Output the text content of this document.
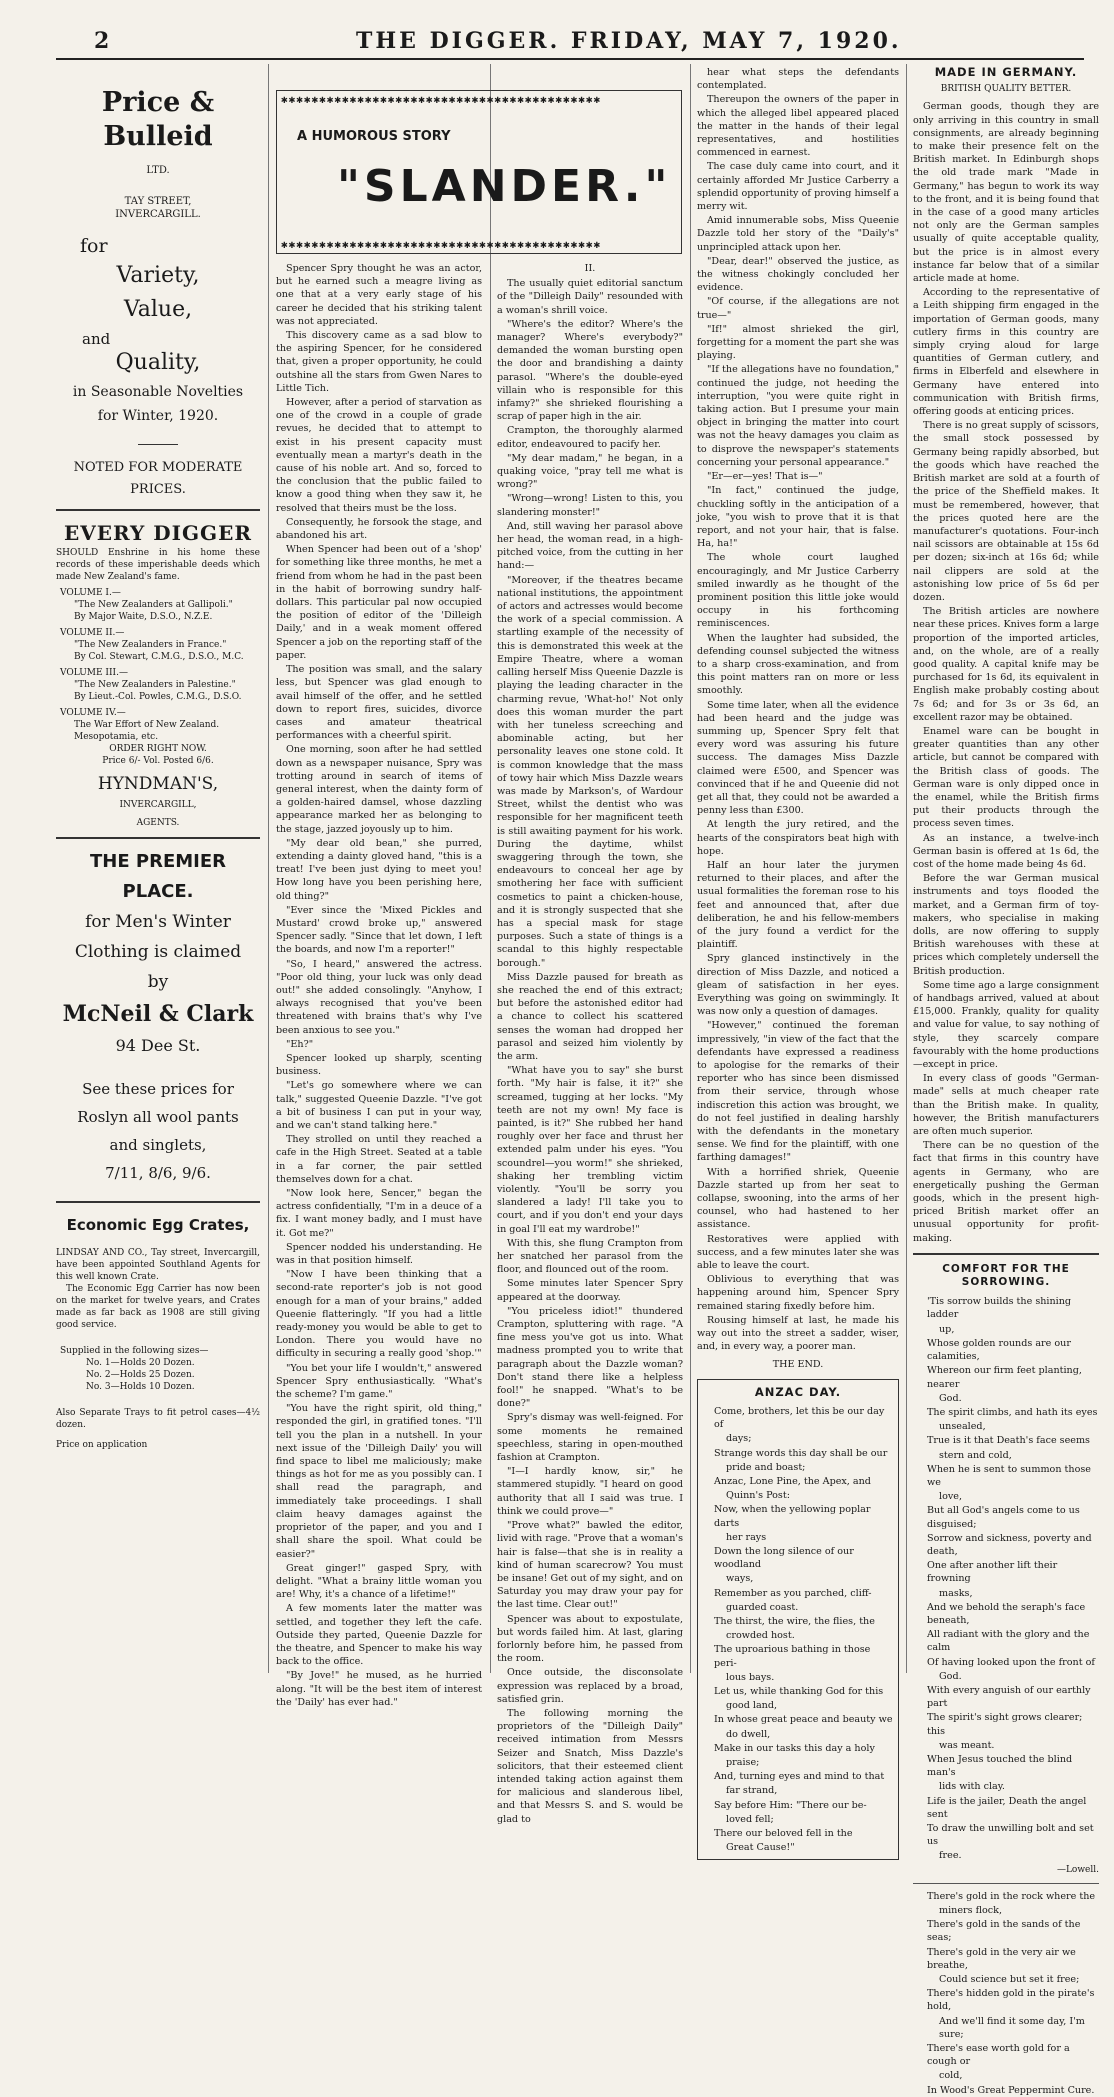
2	THE DIGGER. FRIDAY, MAY 7, 1920.
Price & Bulleid
LTD.
TAY STREET,
INVERCARGILL.
for
Variety,
Value,
and
Quality,
in Seasonable Novelties
for Winter, 1920.
NOTED FOR MODERATE PRICES.
EVERY DIGGER
SHOULD Enshrine in his home these records of these imperishable deeds which made New Zealand's fame.
VOLUME I.—
"The New Zealanders at Gallipoli."
By Major Waite, D.S.O., N.Z.E.
VOLUME II.—
"The New Zealanders in France."
By Col. Stewart, C.M.G., D.S.O., M.C.
VOLUME III.—
"The New Zealanders in Palestine."
By Lieut.-Col. Powles, C.M.G., D.S.O.
VOLUME IV.—
The War Effort of New Zealand.
Mesopotamia, etc.
ORDER RIGHT NOW.
Price 6/- Vol. Posted 6/6.
HYNDMAN'S,
INVERCARGILL,
AGENTS.
THE PREMIER PLACE.
for Men's Winter
Clothing is claimed
by
McNeil & Clark
94 Dee St.
See these prices for
Roslyn all wool pants
and singlets,
7/11, 8/6, 9/6.
Economic Egg Crates,
LINDSAY AND CO., Tay street, Invercargill, have been appointed Southland Agents for this well known Crate.
The Economic Egg Carrier has now been on the market for twelve years, and Crates made as far back as 1908 are still giving good service.
Supplied in the following sizes—
No. 1—Holds 20 Dozen.
No. 2—Holds 25 Dozen.
No. 3—Holds 10 Dozen.
Also Separate Trays to fit petrol cases—4½ dozen.
Price on application
✱✱✱✱✱✱✱✱✱✱✱✱✱✱✱✱✱✱✱✱✱✱✱✱✱✱✱✱✱✱✱✱✱✱✱✱✱✱✱✱✱✱
✱✱✱✱✱✱✱✱✱✱✱✱✱✱✱✱✱✱✱✱✱✱✱✱✱✱✱✱✱✱✱✱✱✱✱✱✱✱✱✱✱✱
A HUMOROUS STORY
"SLANDER."

Spencer Spry thought he was an actor, but he earned such a meagre living as one that at a very early stage of his career he decided that his striking talent was not appreciated.

This discovery came as a sad blow to the aspiring Spencer, for he considered that, given a proper opportunity, he could outshine all the stars from Gwen Nares to Little Tich.

However, after a period of starvation as one of the crowd in a couple of grade revues, he decided that to attempt to exist in his present capacity must eventually mean a martyr's death in the cause of his noble art. And so, forced to the conclusion that the public failed to know a good thing when they saw it, he resolved that theirs must be the loss.

Consequently, he forsook the stage, and abandoned his art.

When Spencer had been out of a 'shop' for something like three months, he met a friend from whom he had in the past been in the habit of borrowing sundry half-dollars. This particular pal now occupied the position of editor of the 'Dilleigh Daily,' and in a weak moment offered Spencer a job on the reporting staff of the paper.

The position was small, and the salary less, but Spencer was glad enough to avail himself of the offer, and he settled down to report fires, suicides, divorce cases and amateur theatrical performances with a cheerful spirit.

One morning, soon after he had settled down as a newspaper nuisance, Spry was trotting around in search of items of general interest, when the dainty form of a golden-haired damsel, whose dazzling appearance marked her as belonging to the stage, jazzed joyously up to him.

"My dear old bean," she purred, extending a dainty gloved hand, "this is a treat! I've been just dying to meet you! How long have you been perishing here, old thing?"

"Ever since the 'Mixed Pickles and Mustard' crowd broke up," answered Spencer sadly. "Since that let down, I left the boards, and now I'm a reporter!"

"So, I heard," answered the actress. "Poor old thing, your luck was only dead out!" she added consolingly. "Anyhow, I always recognised that you've been threatened with brains that's why I've been anxious to see you."

"Eh?"

Spencer looked up sharply, scenting business.

"Let's go somewhere where we can talk," suggested Queenie Dazzle. "I've got a bit of business I can put in your way, and we can't stand talking here."

They strolled on until they reached a cafe in the High Street. Seated at a table in a far corner, the pair settled themselves down for a chat.

"Now look here, Sencer," began the actress confidentially, "I'm in a deuce of a fix. I want money badly, and I must have it. Got me?"

Spencer nodded his understanding. He was in that position himself.

"Now I have been thinking that a second-rate reporter's job is not good enough for a man of your brains," added Queenie flatteringly. "If you had a little ready-money you would be able to get to London. There you would have no difficulty in securing a really good 'shop.'"

"You bet your life I wouldn't," answered Spencer Spry enthusiastically. "What's the scheme? I'm game."

"You have the right spirit, old thing," responded the girl, in gratified tones. "I'll tell you the plan in a nutshell. In your next issue of the 'Dilleigh Daily' you will find space to libel me maliciously; make things as hot for me as you possibly can. I shall read the paragraph, and immediately take proceedings. I shall claim heavy damages against the proprietor of the paper, and you and I shall share the spoil. What could be easier?"

Great ginger!" gasped Spry, with delight. "What a brainy little woman you are! Why, it's a chance of a lifetime!"

A few moments later the matter was settled, and together they left the cafe. Outside they parted, Queenie Dazzle for the theatre, and Spencer to make his way back to the office.

"By Jove!" he mused, as he hurried along. "It will be the best item of interest the 'Daily' has ever had."

II.

The usually quiet editorial sanctum of the "Dilleigh Daily" resounded with a woman's shrill voice.

"Where's the editor? Where's the manager? Where's everybody?" demanded the woman bursting open the door and brandishing a dainty parasol. "Where's the double-eyed villain who is responsible for this infamy?" she shrieked flourishing a scrap of paper high in the air.

Crampton, the thoroughly alarmed editor, endeavoured to pacify her.

"My dear madam," he began, in a quaking voice, "pray tell me what is wrong?"

"Wrong—wrong! Listen to this, you slandering monster!"

And, still waving her parasol above her head, the woman read, in a high-pitched voice, from the cutting in her hand:—

"Moreover, if the theatres became national institutions, the appointment of actors and actresses would become the work of a special commission. A startling example of the necessity of this is demonstrated this week at the Empire Theatre, where a woman calling herself Miss Queenie Dazzle is playing the leading character in the charming revue, 'What-ho!' Not only does this woman murder the part with her tuneless screeching and abominable acting, but her personality leaves one stone cold. It is common knowledge that the mass of towy hair which Miss Dazzle wears was made by Markson's, of Wardour Street, whilst the dentist who was responsible for her magnificent teeth is still awaiting payment for his work. During the daytime, whilst swaggering through the town, she endeavours to conceal her age by smothering her face with sufficient cosmetics to paint a chicken-house, and it is strongly suspected that she has a special mask for stage purposes. Such a state of things is a scandal to this highly respectable borough."

Miss Dazzle paused for breath as she reached the end of this extract; but before the astonished editor had a chance to collect his scattered senses the woman had dropped her parasol and seized him violently by the arm.

"What have you to say" she burst forth. "My hair is false, it it?" she screamed, tugging at her locks. "My teeth are not my own! My face is painted, is it?" She rubbed her hand roughly over her face and thrust her extended palm under his eyes. "You scoundrel—you worm!" she shrieked, shaking her trembling victim violently. "You'll be sorry you slandered a lady! I'll take you to court, and if you don't end your days in goal I'll eat my wardrobe!"

With this, she flung Crampton from her snatched her parasol from the floor, and flounced out of the room.

Some minutes later Spencer Spry appeared at the doorway.

"You priceless idiot!" thundered Crampton, spluttering with rage. "A fine mess you've got us into. What madness prompted you to write that paragraph about the Dazzle woman? Don't stand there like a helpless fool!" he snapped. "What's to be done?"

Spry's dismay was well-feigned. For some moments he remained speechless, staring in open-mouthed fashion at Crampton.

"I—I hardly know, sir," he stammered stupidly. "I heard on good authority that all I said was true. I think we could prove—"

"Prove what?" bawled the editor, livid with rage. "Prove that a woman's hair is false—that she is in reality a kind of human scarecrow? You must be insane! Get out of my sight, and on Saturday you may draw your pay for the last time. Clear out!"

Spencer was about to expostulate, but words failed him. At last, glaring forlornly before him, he passed from the room.

Once outside, the disconsolate expression was replaced by a broad, satisfied grin.

The following morning the proprietors of the "Dilleigh Daily" received intimation from Messrs Seizer and Snatch, Miss Dazzle's solicitors, that their esteemed client intended taking action against them for malicious and slanderous libel, and that Messrs S. and S. would be glad to

hear what steps the defendants contemplated.

Thereupon the owners of the paper in which the alleged libel appeared placed the matter in the hands of their legal representatives, and hostilities commenced in earnest.

The case duly came into court, and it certainly afforded Mr Justice Carberry a splendid opportunity of proving himself a merry wit.

Amid innumerable sobs, Miss Queenie Dazzle told her story of the "Daily's" unprincipled attack upon her.

"Dear, dear!" observed the justice, as the witness chokingly concluded her evidence.

"Of course, if the allegations are not true—"

"If!" almost shrieked the girl, forgetting for a moment the part she was playing.

"If the allegations have no foundation," continued the judge, not heeding the interruption, "you were quite right in taking action. But I presume your main object in bringing the matter into court was not the heavy damages you claim as to disprove the newspaper's statements concerning your personal appearance."

"Er—er—yes! That is—"

"In fact," continued the judge, chuckling softly in the anticipation of a joke, "you wish to prove that it is that report, and not your hair, that is false. Ha, ha!"

The whole court laughed encouragingly, and Mr Justice Carberry smiled inwardly as he thought of the prominent position this little joke would occupy in his forthcoming reminiscences.

When the laughter had subsided, the defending counsel subjected the witness to a sharp cross-examination, and from this point matters ran on more or less smoothly.

Some time later, when all the evidence had been heard and the judge was summing up, Spencer Spry felt that every word was assuring his future success. The damages Miss Dazzle claimed were £500, and Spencer was convinced that if he and Queenie did not get all that, they could not be awarded a penny less than £300.

At length the jury retired, and the hearts of the conspirators beat high with hope.

Half an hour later the jurymen returned to their places, and after the usual formalities the foreman rose to his feet and announced that, after due deliberation, he and his fellow-members of the jury found a verdict for the plaintiff.

Spry glanced instinctively in the direction of Miss Dazzle, and noticed a gleam of satisfaction in her eyes. Everything was going on swimmingly. It was now only a question of damages.

"However," continued the foreman impressively, "in view of the fact that the defendants have expressed a readiness to apologise for the remarks of their reporter who has since been dismissed from their service, through whose indiscretion this action was brought, we do not feel justified in dealing harshly with the defendants in the monetary sense. We find for the plaintiff, with one farthing damages!"

With a horrified shriek, Queenie Dazzle started up from her seat to collapse, swooning, into the arms of her counsel, who had hastened to her assistance.

Restoratives were applied with success, and a few minutes later she was able to leave the court.

Oblivious to everything that was happening around him, Spencer Spry remained staring fixedly before him.

Rousing himself at last, he made his way out into the street a sadder, wiser, and, in every way, a poorer man.

THE END.
ANZAC DAY.

Come, brothers, let this be our day of

days;

Strange words this day shall be our

pride and boast;

Anzac, Lone Pine, the Apex, and

Quinn's Post:

Now, when the yellowing poplar darts

her rays

Down the long silence of our woodland

ways,

Remember as you parched, cliff-

guarded coast.

The thirst, the wire, the flies, the

crowded host.

The uproarious bathing in those peri-

lous bays.

Let us, while thanking God for this

good land,

In whose great peace and beauty we

do dwell,

Make in our tasks this day a holy

praise;

And, turning eyes and mind to that

far strand,

Say before Him: "There our be-

loved fell;

There our beloved fell in the

Great Cause!"

MADE IN GERMANY.
BRITISH QUALITY BETTER.

German goods, though they are only arriving in this country in small consignments, are already beginning to make their presence felt on the British market. In Edinburgh shops the old trade mark "Made in Germany," has begun to work its way to the front, and it is being found that in the case of a good many articles not only are the German samples usually of quite acceptable quality, but the price is in almost every instance far below that of a similar article made at home.

According to the representative of a Leith shipping firm engaged in the importation of German goods, many cutlery firms in this country are simply crying aloud for large quantities of German cutlery, and firms in Elberfeld and elsewhere in Germany have entered into communication with British firms, offering goods at enticing prices.

There is no great supply of scissors, the small stock possessed by Germany being rapidly absorbed, but the goods which have reached the British market are sold at a fourth of the price of the Sheffield makes. It must be remembered, however, that the prices quoted here are the manufacturer's quotations. Four-inch nail scissors are obtainable at 15s 6d per dozen; six-inch at 16s 6d; while nail clippers are sold at the astonishing low price of 5s 6d per dozen.

The British articles are nowhere near these prices. Knives form a large proportion of the imported articles, and, on the whole, are of a really good quality. A capital knife may be purchased for 1s 6d, its equivalent in English make probably costing about 7s 6d; and for 3s or 3s 6d, an excellent razor may be obtained.

Enamel ware can be bought in greater quantities than any other article, but cannot be compared with the British class of goods. The German ware is only dipped once in the enamel, while the British firms put their products through the process seven times.

As an instance, a twelve-inch German basin is offered at 1s 6d, the cost of the home made being 4s 6d.

Before the war German musical instruments and toys flooded the market, and a German firm of toy-makers, who specialise in making dolls, are now offering to supply British warehouses with these at prices which completely undersell the British production.

Some time ago a large consignment of handbags arrived, valued at about £15,000. Frankly, quality for quality and value for value, to say nothing of style, they scarcely compare favourably with the home productions—except in price.

In every class of goods "German-made" sells at much cheaper rate than the British make. In quality, however, the British manufacturers are often much superior.

There can be no question of the fact that firms in this country have agents in Germany, who are energetically pushing the German goods, which in the present high-priced British market offer an unusual opportunity for profit-making.

COMFORT FOR THE SORROWING.

'Tis sorrow builds the shining ladder

up,

Whose golden rounds are our calamities,

Whereon our firm feet planting, nearer

God.

The spirit climbs, and hath its eyes

unsealed,

True is it that Death's face seems

stern and cold,

When he is sent to summon those we

love,

But all God's angels come to us disguised;

Sorrow and sickness, poverty and death,

One after another lift their frowning

masks,

And we behold the seraph's face beneath,

All radiant with the glory and the calm

Of having looked upon the front of

God.

With every anguish of our earthly part

The spirit's sight grows clearer; this

was meant.

When Jesus touched the blind man's

lids with clay.

Life is the jailer, Death the angel sent

To draw the unwilling bolt and set us

free.

—Lowell.

There's gold in the rock where the

miners flock,

There's gold in the sands of the seas;

There's gold in the very air we breathe,

Could science but set it free;

There's hidden gold in the pirate's hold,

And we'll find it some day, I'm sure;

There's ease worth gold for a cough or

cold,

In Wood's Great Peppermint Cure.
